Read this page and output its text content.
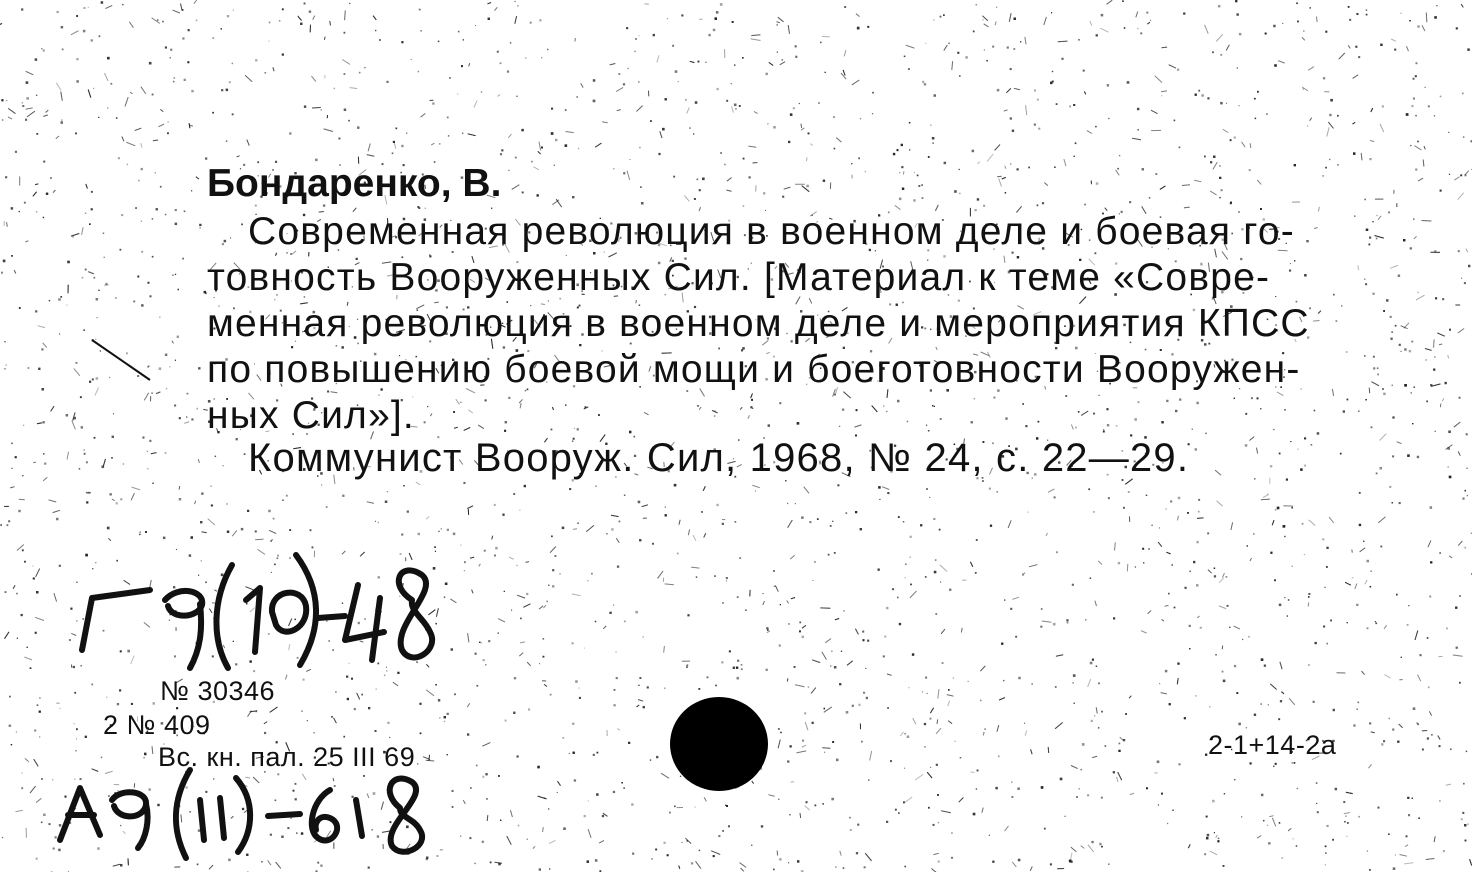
Бондаренко, В.
Современная революция в военном деле и боевая го-
товность Вооруженных Сил. [Материал к теме «Совре-
менная революция в военном деле и мероприятия КПСС
по повышению боевой мощи и боеготовности Вооружен-
ных Сил»].
Коммунист Вооруж. Сил, 1968, № 24, с. 22—29.
№ 30346
2 № 409
Вс. кн. пал. 25 III 69	2-1+14-2а
